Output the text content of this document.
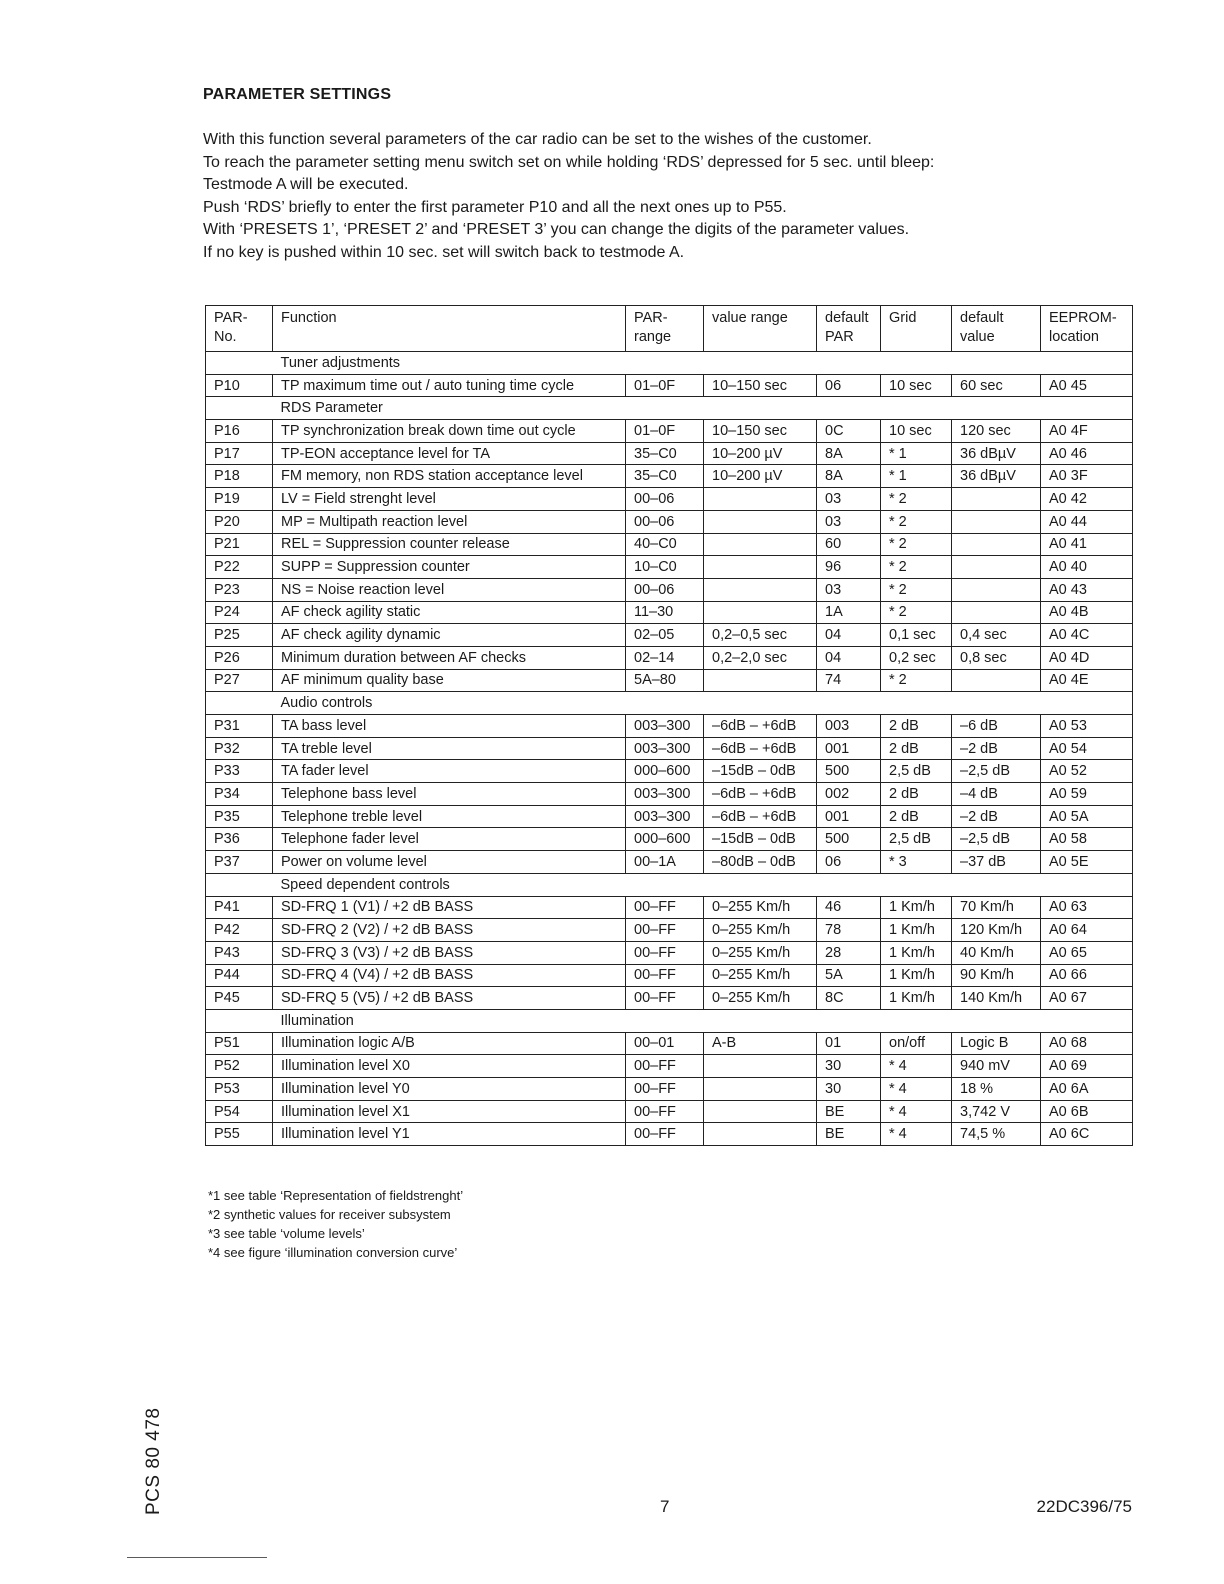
PARAMETER SETTINGS
With this function several parameters of the car radio can be set to the wishes of the customer.
To reach the parameter setting menu switch set on while holding ‘RDS’ depressed for 5 sec. until bleep:
Testmode A will be executed.
Push ‘RDS’ briefly to enter the first parameter P10 and all the next ones up to P55.
With ‘PRESETS 1’, ‘PRESET 2’ and ‘PRESET 3’ you can change the digits of the parameter values.
If no key is pushed within 10 sec. set will switch back to testmode A.
PAR- No.	Function	PAR- range	value range	default PAR	Grid	default value	EEPROM- location
	Tuner adjustments						
P10	TP maximum time out / auto tuning time cycle	01–0F	10–150 sec	06	10 sec	60 sec	A0 45
	RDS Parameter						
P16	TP synchronization break down time out cycle	01–0F	10–150 sec	0C	10 sec	120 sec	A0 4F
P17	TP-EON acceptance level for TA	35–C0	10–200 µV	8A	* 1	36 dBµV	A0 46
P18	FM memory, non RDS station acceptance level	35–C0	10–200 µV	8A	* 1	36 dBµV	A0 3F
P19	LV = Field strenght level	00–06		03	* 2		A0 42
P20	MP = Multipath reaction level	00–06		03	* 2		A0 44
P21	REL = Suppression counter release	40–C0		60	* 2		A0 41
P22	SUPP = Suppression counter	10–C0		96	* 2		A0 40
P23	NS = Noise reaction level	00–06		03	* 2		A0 43
P24	AF check agility static	11–30		1A	* 2		A0 4B
P25	AF check agility dynamic	02–05	0,2–0,5 sec	04	0,1 sec	0,4 sec	A0 4C
P26	Minimum duration between AF checks	02–14	0,2–2,0 sec	04	0,2 sec	0,8 sec	A0 4D
P27	AF minimum quality base	5A–80		74	* 2		A0 4E
	Audio controls						
P31	TA bass level	003–300	–6dB – +6dB	003	2 dB	–6 dB	A0 53
P32	TA treble level	003–300	–6dB – +6dB	001	2 dB	–2 dB	A0 54
P33	TA fader level	000–600	–15dB – 0dB	500	2,5 dB	–2,5 dB	A0 52
P34	Telephone bass level	003–300	–6dB – +6dB	002	2 dB	–4 dB	A0 59
P35	Telephone treble level	003–300	–6dB – +6dB	001	2 dB	–2 dB	A0 5A
P36	Telephone fader level	000–600	–15dB – 0dB	500	2,5 dB	–2,5 dB	A0 58
P37	Power on volume level	00–1A	–80dB – 0dB	06	* 3	–37 dB	A0 5E
	Speed dependent controls						
P41	SD-FRQ 1 (V1) / +2 dB BASS	00–FF	0–255 Km/h	46	1 Km/h	70 Km/h	A0 63
P42	SD-FRQ 2 (V2) / +2 dB BASS	00–FF	0–255 Km/h	78	1 Km/h	120 Km/h	A0 64
P43	SD-FRQ 3 (V3) / +2 dB BASS	00–FF	0–255 Km/h	28	1 Km/h	40 Km/h	A0 65
P44	SD-FRQ 4 (V4) / +2 dB BASS	00–FF	0–255 Km/h	5A	1 Km/h	90 Km/h	A0 66
P45	SD-FRQ 5 (V5) / +2 dB BASS	00–FF	0–255 Km/h	8C	1 Km/h	140 Km/h	A0 67
	Illumination						
P51	Illumination logic A/B	00–01	A-B	01	on/off	Logic B	A0 68
P52	Illumination level X0	00–FF		30	* 4	940 mV	A0 69
P53	Illumination level Y0	00–FF		30	* 4	18 %	A0 6A
P54	Illumination level X1	00–FF		BE	* 4	3,742 V	A0 6B
P55	Illumination level Y1	00–FF		BE	* 4	74,5 %	A0 6C
*1 see table ‘Representation of fieldstrenght’
*2 synthetic values for receiver subsystem
*3 see table ‘volume levels’
*4 see figure ‘illumination conversion curve’
PCS 80 478	7	22DC396/75
